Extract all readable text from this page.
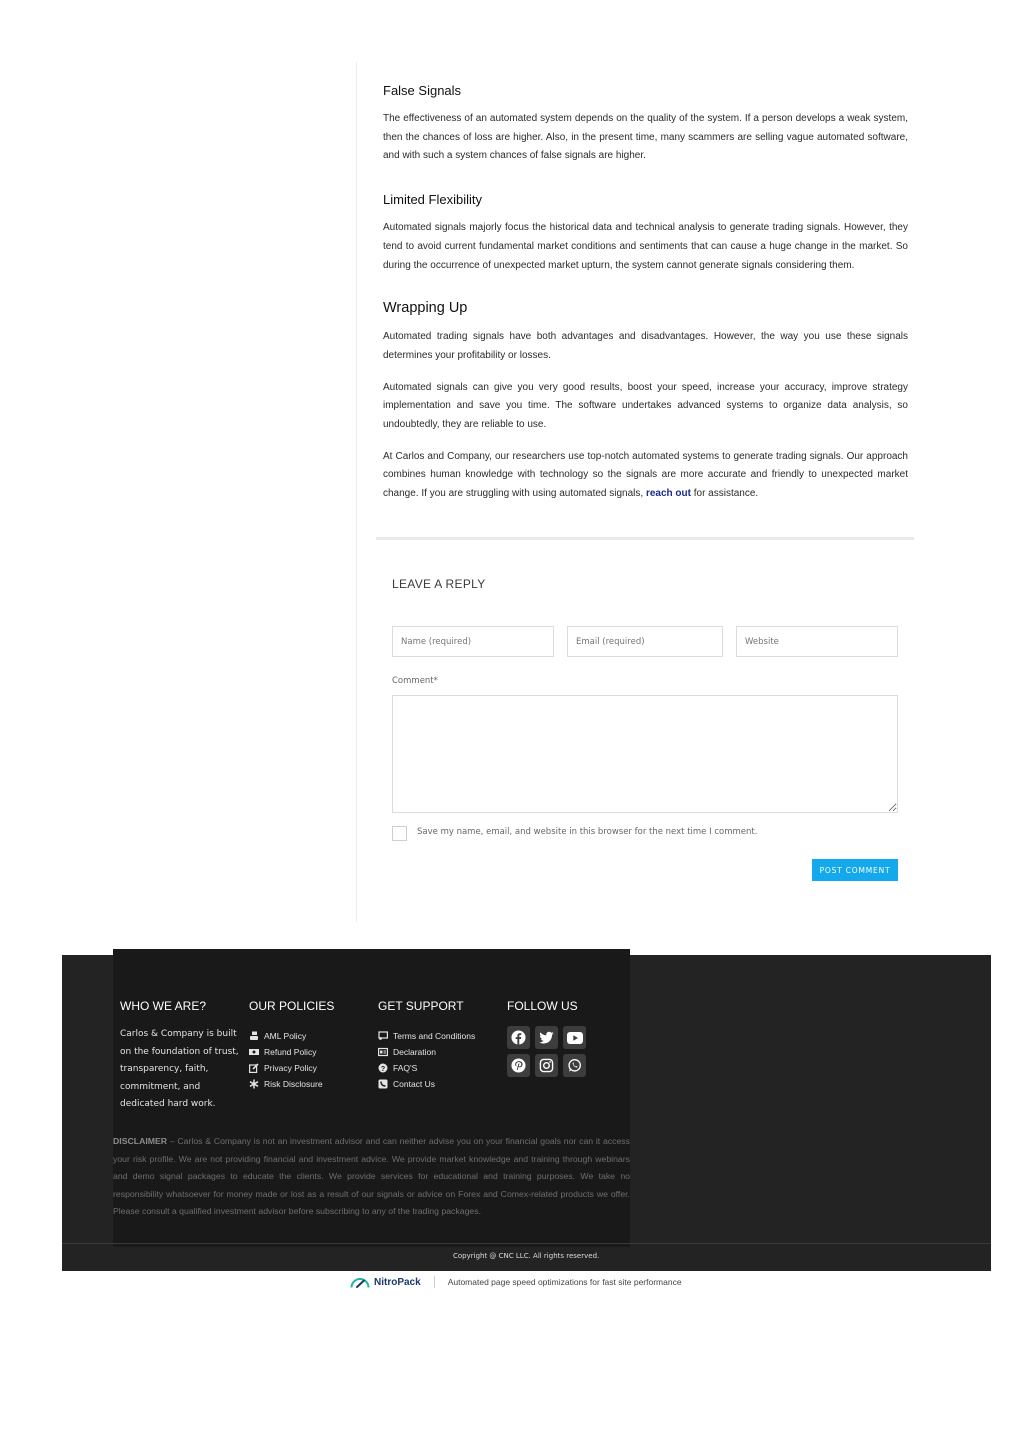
False Signals

The effectiveness of an automated system depends on the quality of the system. If a person develops a weak system, then the chances of loss are higher. Also, in the present time, many scammers are selling vague automated software, and with such a system chances of false signals are higher.

Limited Flexibility

Automated signals majorly focus the historical data and technical analysis to generate trading signals. However, they tend to avoid current fundamental market conditions and sentiments that can cause a huge change in the market. So during the occurrence of unexpected market upturn, the system cannot generate signals considering them.

Wrapping Up

Automated trading signals have both advantages and disadvantages. However, the way you use these signals determines your profitability or losses.

Automated signals can give you very good results, boost your speed, increase your accuracy, improve strategy implementation and save you time. The software undertakes advanced systems to organize data analysis, so undoubtedly, they are reliable to use.

At Carlos and Company, our researchers use top-notch automated systems to generate trading signals. Our approach combines human knowledge with technology so the signals are more accurate and friendly to unexpected market change. If you are struggling with using automated signals, reach out for assistance.

LEAVE A REPLY
Name (required)
Email (required)
Website
Comment*
Save my name, email, and website in this browser for the next time I comment.
POST COMMENT
WHO WE ARE?

Carlos & Company is built on the foundation of trust, transparency, faith, commitment, and dedicated hard work.

OUR POLICIES
AML Policy
Refund Policy
Privacy Policy
Risk Disclosure
GET SUPPORT
Terms and Conditions
Declaration
? FAQ'S
Contact Us
FOLLOW US

DISCLAIMER – Carlos & Company is not an investment advisor and can neither advise you on your financial goals nor can it access your risk profile. We are not providing financial and investment advice. We provide market knowledge and training through webinars and demo signal packages to educate the clients. We provide services for educational and training purposes. We take no responsibility whatsoever for money made or lost as a result of our signals or advice on Forex and Comex-related products we offer. Please consult a qualified investment advisor before subscribing to any of the trading packages.

Copyright @ CNC LLC. All rights reserved.
NitroPack	Automated page speed optimizations for fast site performance
